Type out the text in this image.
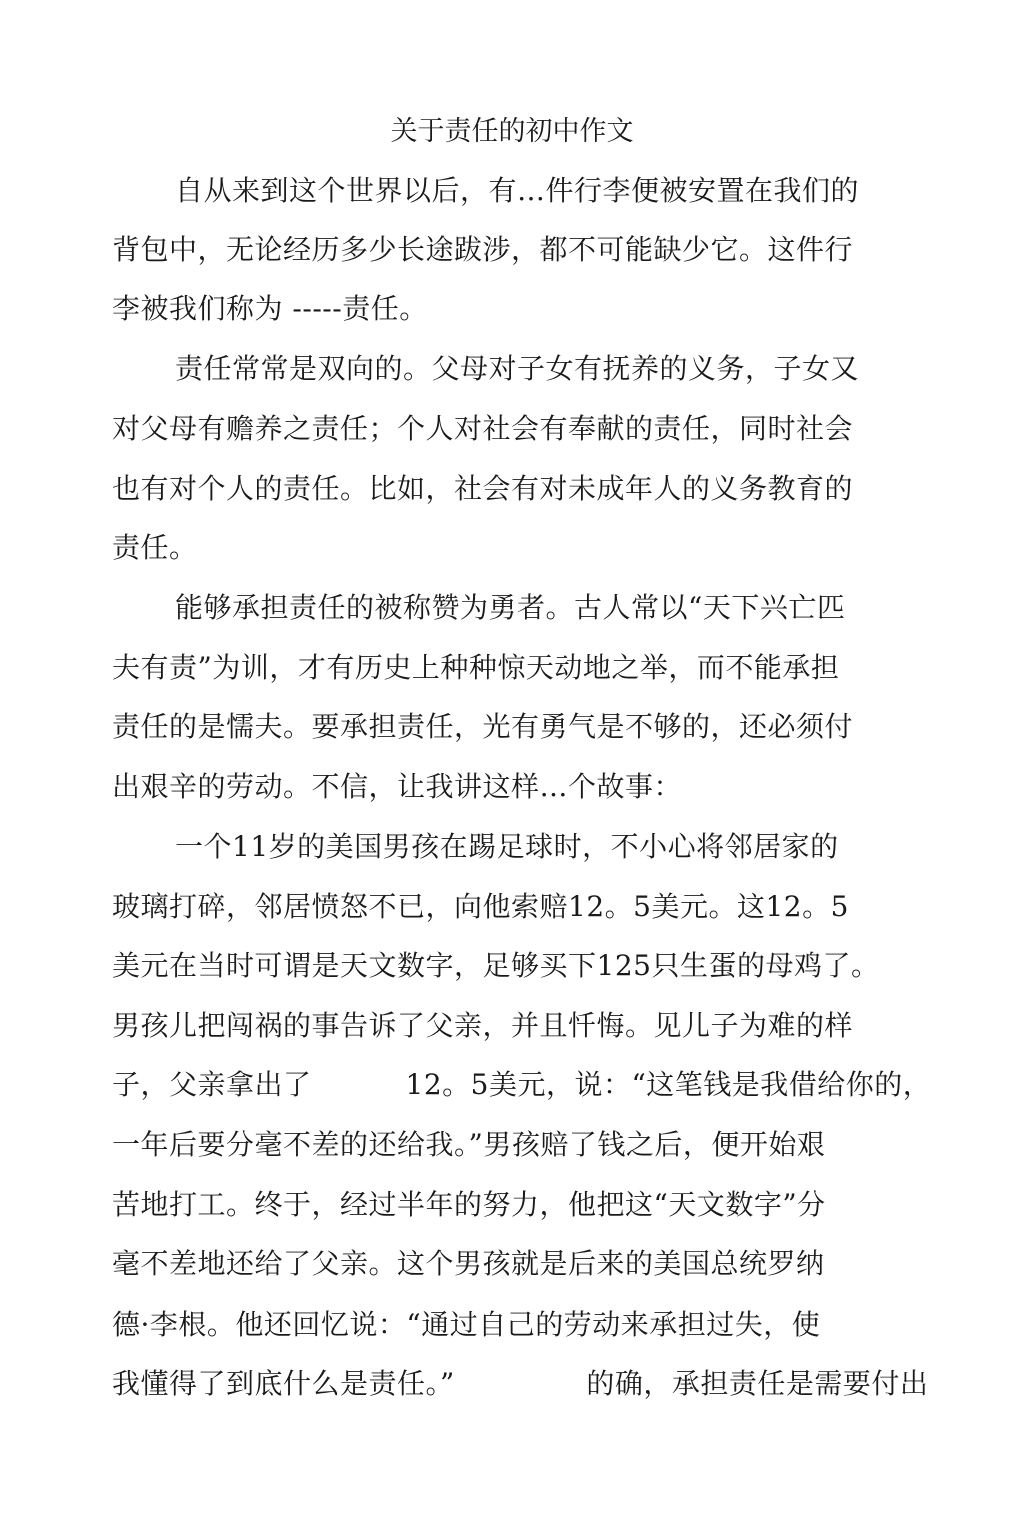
关于责任的初中作文
自从来到这个世界以后，有…件行李便被安置在我们的
背包中，无论经历多少长途跋涉，都不可能缺少它。这件行
李被我们称为 -----责任。
责任常常是双向的。父母对子女有抚养的义务，子女又
对父母有赡养之责任；个人对社会有奉献的责任，同时社会
也有对个人的责任。比如，社会有对未成年人的义务教育的
责任。
能够承担责任的被称赞为勇者。古人常以“天下兴亡匹
夫有责”为训，才有历史上种种惊天动地之举，而不能承担
责任的是懦夫。要承担责任，光有勇气是不够的，还必须付
出艰辛的劳动。不信，让我讲这样…个故事：
一个11岁的美国男孩在踢足球时，不小心将邻居家的
玻璃打碎，邻居愤怒不已，向他索赔12。5美元。这12。5
美元在当时可谓是天文数字，足够买下125只生蛋的母鸡了。
男孩儿把闯祸的事告诉了父亲，并且忏悔。见儿子为难的样
子，父亲拿出了          12。5美元，说：“这笔钱是我借给你的，
一年后要分毫不差的还给我。”男孩赔了钱之后，便开始艰
苦地打工。终于，经过半年的努力，他把这“天文数字”分
毫不差地还给了父亲。这个男孩就是后来的美国总统罗纳
德·李根。他还回忆说：“通过自己的劳动来承担过失，使
我懂得了到底什么是责任。”              的确，承担责任是需要付出
